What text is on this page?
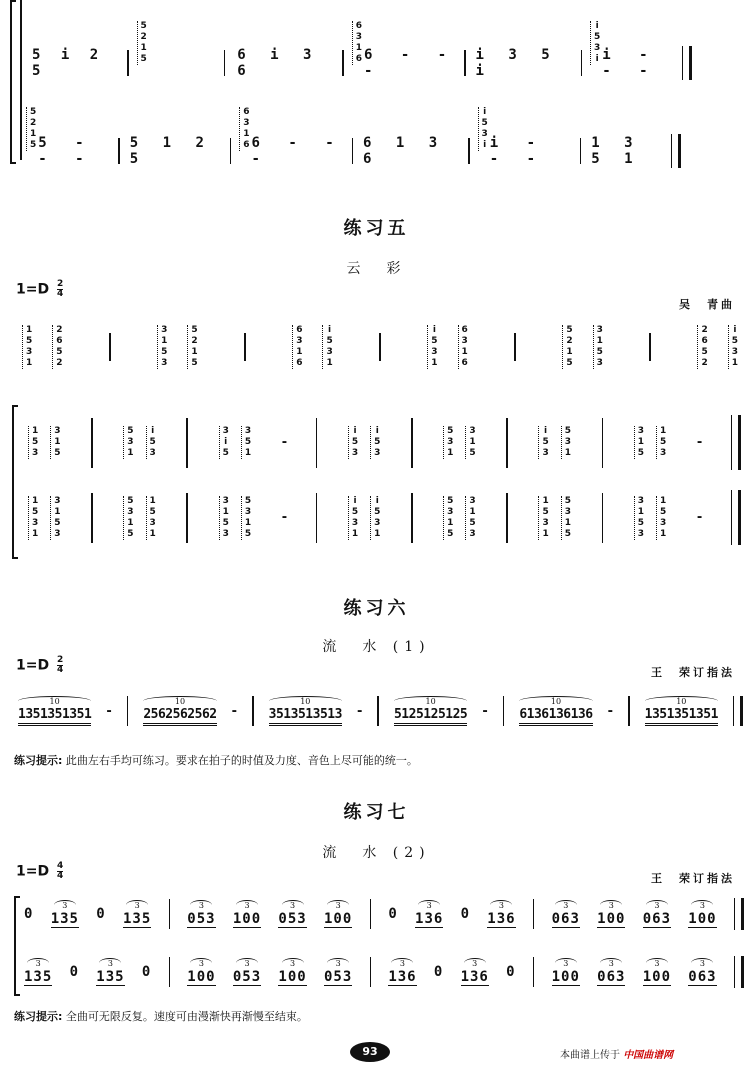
5 i 2 5
5
2
1
5	6 i 3 6
6
3
1
6 6 - - -
i 3 5 i
i
5
3
i i - - -
5
2
1
5 5 - - -
5 1 2 5
6
3
1
6 6 - - -
6 1 3 6
i
5
3
i i - - -
1 3 5 1
练习五
云　彩
$1=D \frac{2}{4}$
吴　青曲
1
5
3
1
2
6
5
2
3
1
5
3
5
2
1
5
6
3
1
6
i
5
3
1
i
5
3
1
6
3
1
6
5
2
1
5
3
1
5
3
2
6
5
2
i
5
3
1
1
5
3
3
1
5
5
3
1
i
5
3
3
i
5
3
5
1
-
i
5
3
i
5
3
5
3
1
3
1
5
i
5
3
5
3
1
3
1
5
1
5
3
-
1
5
3
1
3
1
5
3
5
3
1
5
1
5
3
1
3
1
5
3
5
3
1
5
-
i
5
3
1
i
5
3
1
5
3
1
5
3
1
5
3
1
5
3
1
5
3
1
5
3
1
5
3
1
5
3
1
-
练习六
流　水 (1)
$1=D \frac{2}{4}$	王　荣订指法
10
1351351351 -
10
2562562562 -
10
3513513513 -
10
5125125125 -
10
6136136136 -
10
1351351351
练习提示: 此曲左右手均可练习。要求在拍子的时值及力度、音色上尽可能的统一。
练习七
流　水 (2)
$1=D \frac{4}{4}$	王　荣订指法
0
3
135 0
3
135
3
053
3
100
3
053
3
100	0
3
136 0
3
136
3
063
3
100
3
063
3
100
3
135 0
3
135 0
3
100
3
053
3
100
3
053
3
136 0
3
136 0
3
100
3
063
3
100
3
063
练习提示: 全曲可无限反复。速度可由漫渐快再渐慢至结束。
93	本曲谱上传于 中国曲谱网
